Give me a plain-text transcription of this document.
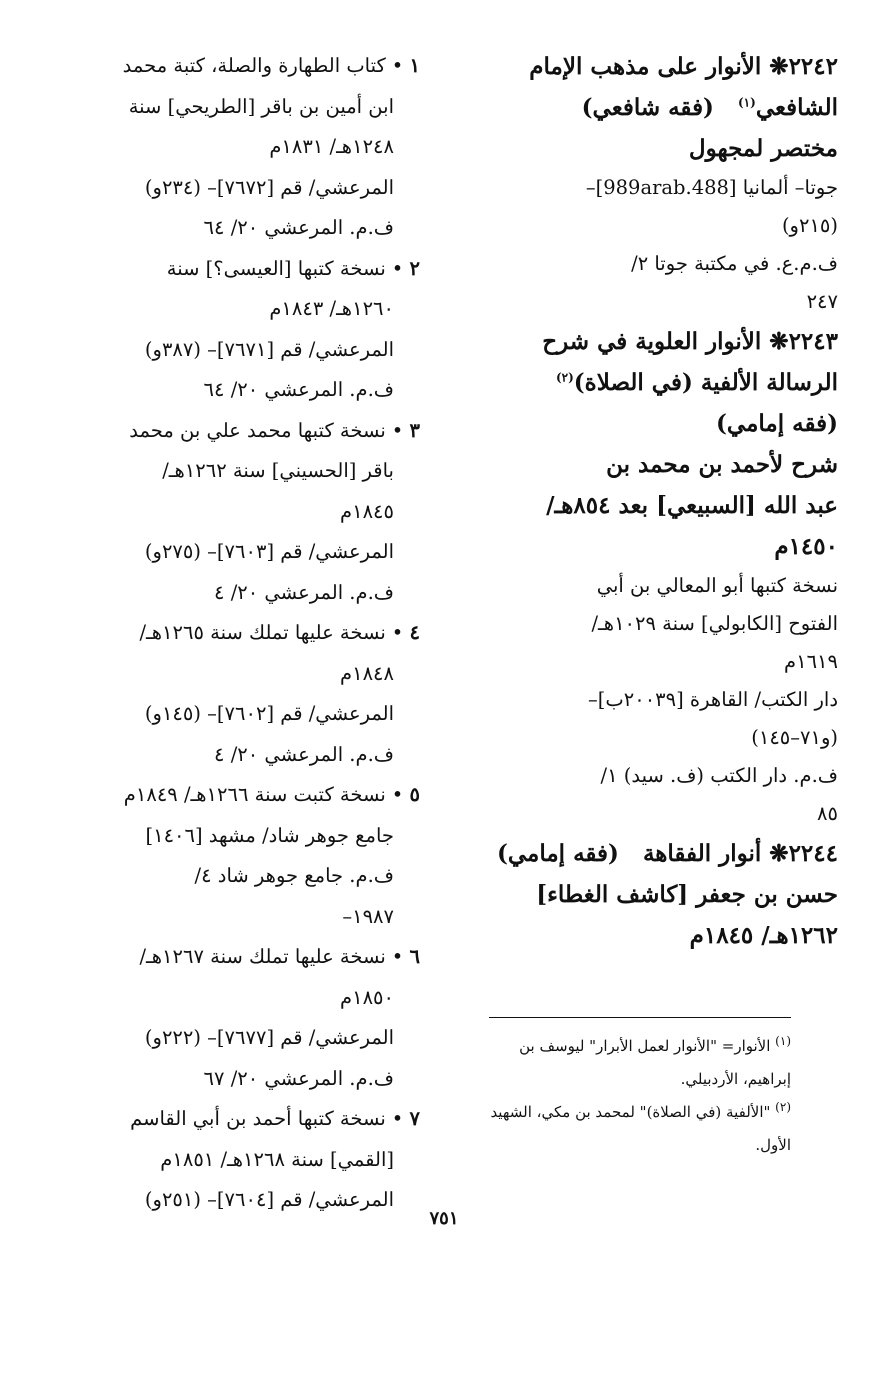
٢٢٤٢❋ الأنوار على مذهب الإمام
الشافعي$^{(١)}$   (فقه شافعي)
مختصر لمجهول
جوتا– ألمانيا [989arab.488]–
(٢١٥و)
ف.م.ع. في مكتبة جوتا ٢/
٢٤٧
٢٢٤٣❋ الأنوار العلوية في شرح
الرسالة الألفية (في الصلاة)$^{(٢)}$
(فقه إمامي)
شرح لأحمد بن محمد بن
عبد الله [السبيعي] بعد ٨٥٤هـ/
١٤٥٠م
نسخة كتبها أبو المعالي بن أبي
الفتوح [الكابولي] سنة ١٠٢٩هـ/
١٦١٩م
دار الكتب/ القاهرة [٢٠٠٣٩ب]–
(و٧١–١٤٥)
ف.م. دار الكتب (ف. سيد) ١/
٨٥
٢٢٤٤❋ أنوار الفقاهة   (فقه إمامي)
حسن بن جعفر [كاشف الغطاء]
١٢٦٢هـ/ ١٨٤٥م
١ •كتاب الطهارة والصلة، كتبة محمد
ابن أمين بن باقر [الطريحي] سنة
١٢٤٨هـ/ ١٨٣١م
المرعشي/ قم [٧٦٧٢]– (٢٣٤و)
ف.م. المرعشي ٢٠/ ٦٤
٢ •نسخة كتبها [العيسى؟] سنة
١٢٦٠هـ/ ١٨٤٣م
المرعشي/ قم [٧٦٧١]– (٣٨٧و)
ف.م. المرعشي ٢٠/ ٦٤
٣ •نسخة كتبها محمد علي بن محمد
باقر [الحسيني] سنة ١٢٦٢هـ/
١٨٤٥م
المرعشي/ قم [٧٦٠٣]– (٢٧٥و)
ف.م. المرعشي ٢٠/ ٤
٤ •نسخة عليها تملك سنة ١٢٦٥هـ/
١٨٤٨م
المرعشي/ قم [٧٦٠٢]– (١٤٥و)
ف.م. المرعشي ٢٠/ ٤
٥ •نسخة كتبت سنة ١٢٦٦هـ/ ١٨٤٩م
جامع جوهر شاد/ مشهد [١٤٠٦]
ف.م. جامع جوهر شاد ٤/
١٩٨٧–
٦ •نسخة عليها تملك سنة ١٢٦٧هـ/
١٨٥٠م
المرعشي/ قم [٧٦٧٧]– (٢٢٢و)
ف.م. المرعشي ٢٠/ ٦٧
٧ •نسخة كتبها أحمد بن أبي القاسم
[القمي] سنة ١٢٦٨هـ/ ١٨٥١م
المرعشي/ قم [٧٦٠٤]– (٢٥١و)
$^{(١)}$ الأنوار= "الأنوار لعمل الأبرار" ليوسف بن
إبراهيم، الأردبيلي.
$^{(٢)}$ "الألفية (في الصلاة)" لمحمد بن مكي، الشهيد
الأول.
٧٥١
